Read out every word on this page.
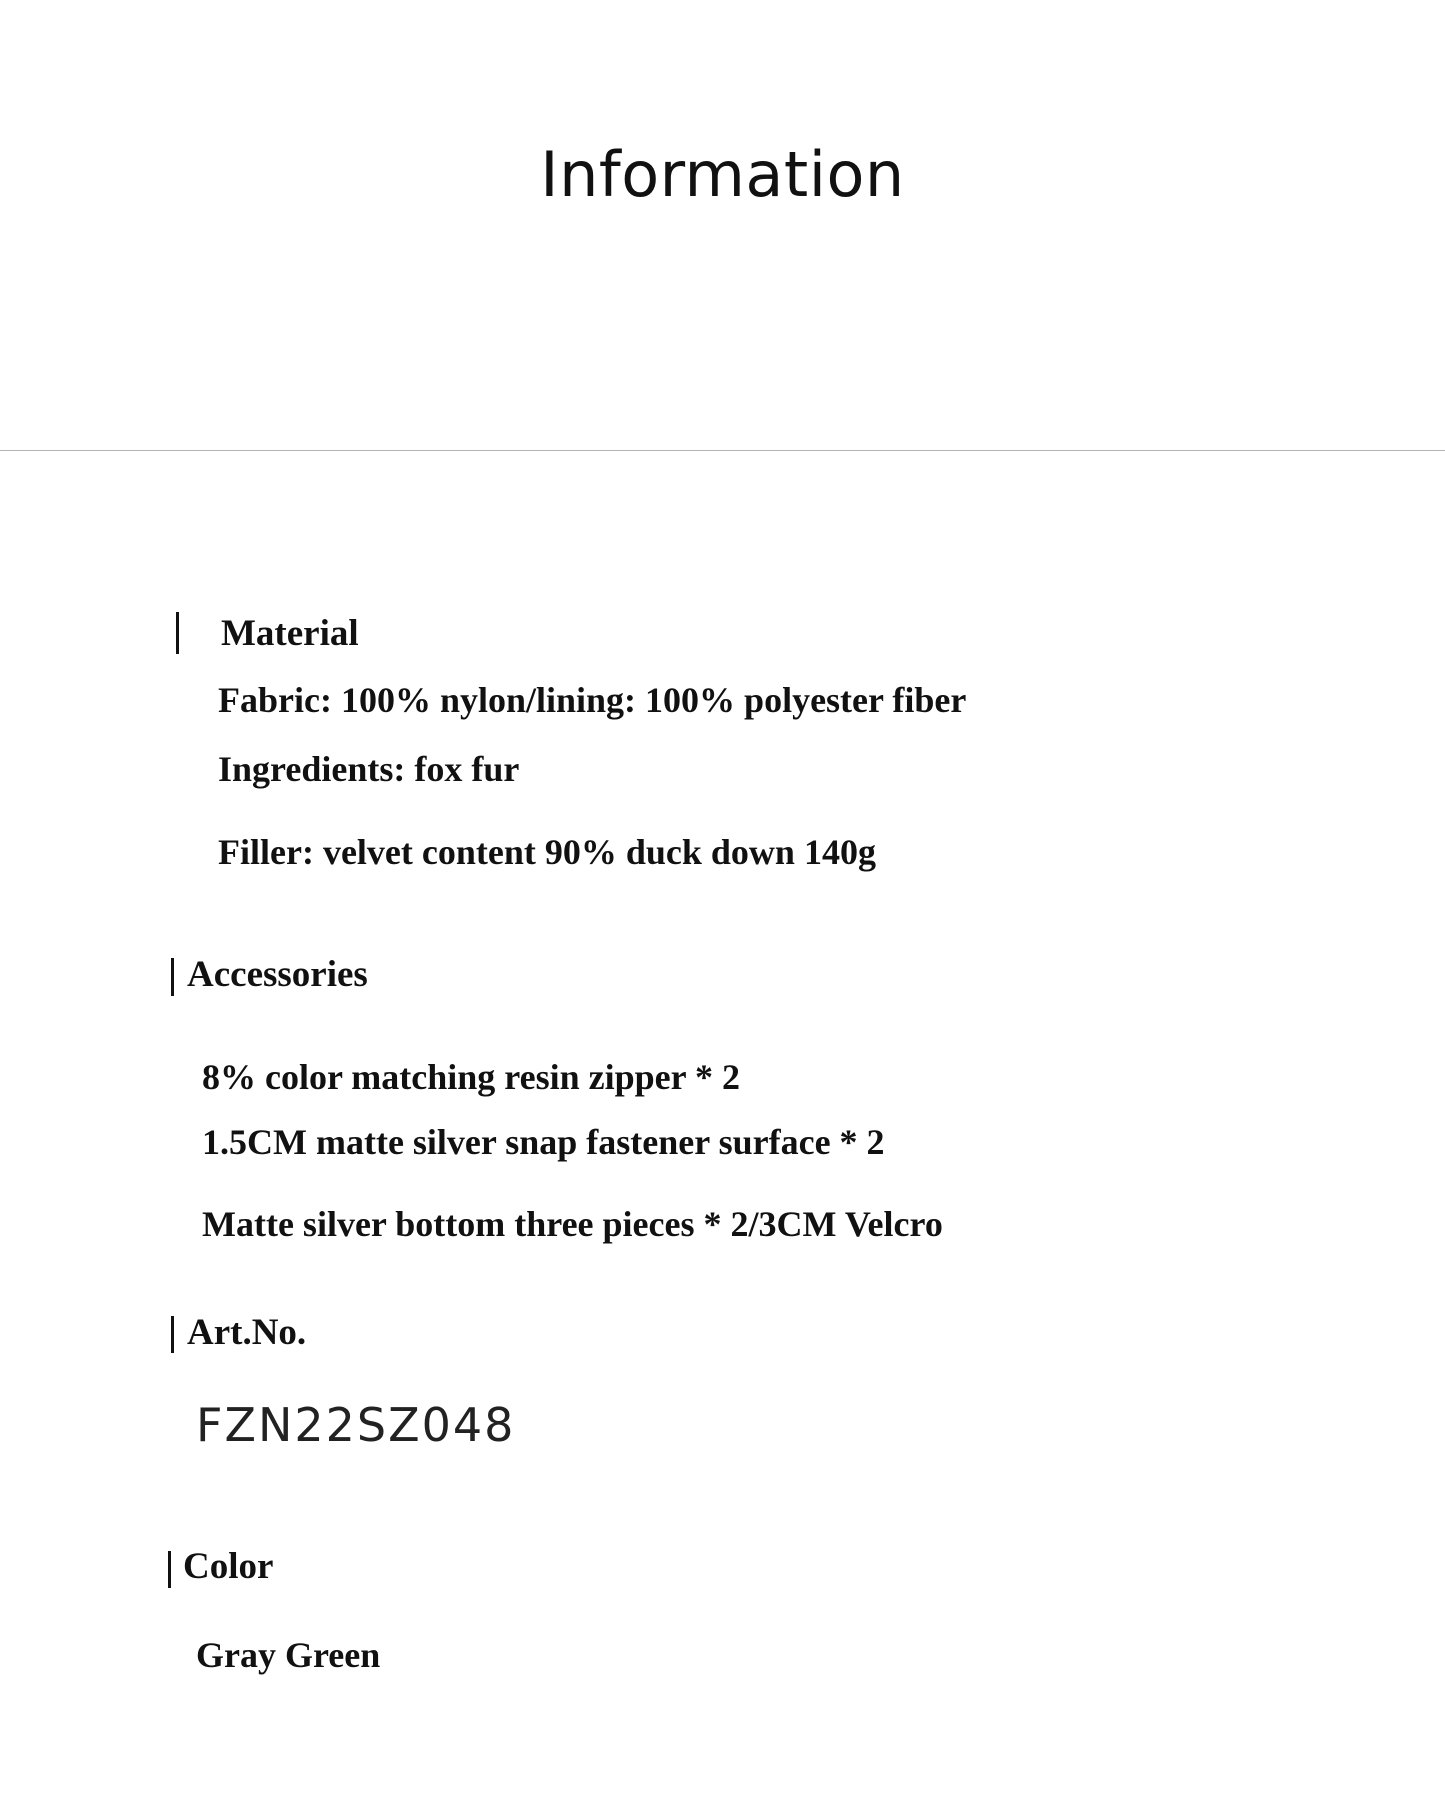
Information
Material
Fabric: 100% nylon/lining: 100% polyester fiber
Ingredients: fox fur
Filler: velvet content 90% duck down 140g
Accessories
8% color matching resin zipper * 2
1.5CM matte silver snap fastener surface * 2
Matte silver bottom three pieces * 2/3CM Velcro
Art.No.
FZN22SZ048
Color
Gray Green
